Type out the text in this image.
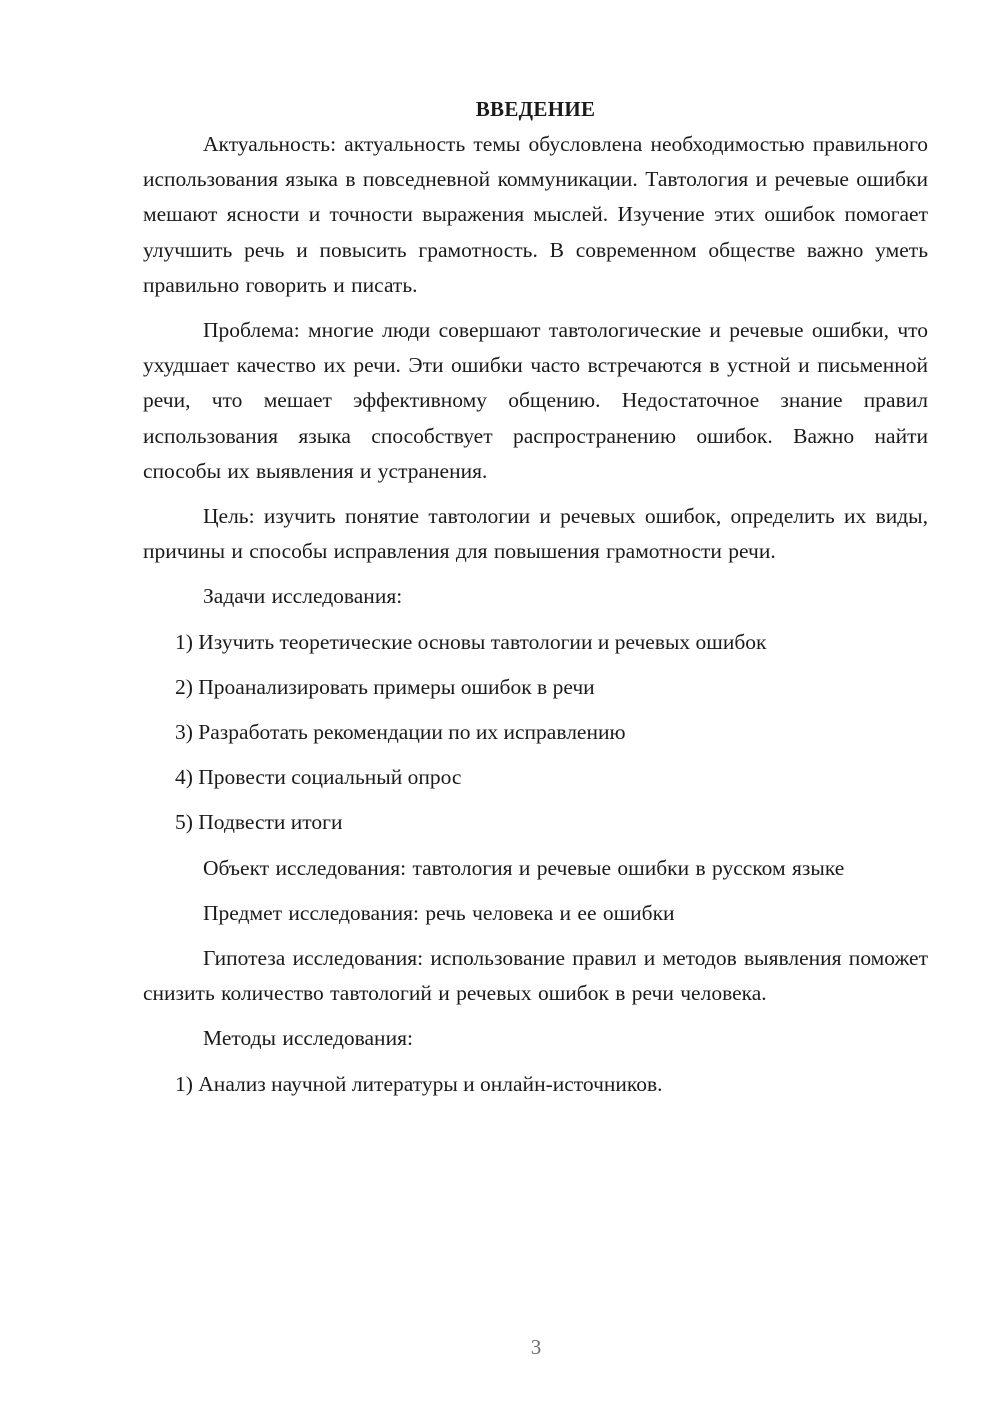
ВВЕДЕНИЕ

Актуальность: актуальность темы обусловлена необходимостью правильного использования языка в повседневной коммуникации. Тавтология и речевые ошибки мешают ясности и точности выражения мыслей. Изучение этих ошибок помогает улучшить речь и повысить грамотность. В современном обществе важно уметь правильно говорить и писать.

Проблема: многие люди совершают тавтологические и речевые ошибки, что ухудшает качество их речи. Эти ошибки часто встречаются в устной и письменной речи, что мешает эффективному общению. Недостаточное знание правил использования языка способствует распространению ошибок. Важно найти способы их выявления и устранения.

Цель: изучить понятие тавтологии и речевых ошибок, определить их виды, причины и способы исправления для повышения грамотности речи.

Задачи исследования:

1) Изучить теоретические основы тавтологии и речевых ошибок
2) Проанализировать примеры ошибок в речи
3) Разработать рекомендации по их исправлению
4) Провести социальный опрос
5) Подвести итоги

Объект исследования: тавтология и речевые ошибки в русском языке

Предмет исследования: речь человека и ее ошибки

Гипотеза исследования: использование правил и методов выявления поможет снизить количество тавтологий и речевых ошибок в речи человека.

Методы исследования:

1) Анализ научной литературы и онлайн-источников.
3
